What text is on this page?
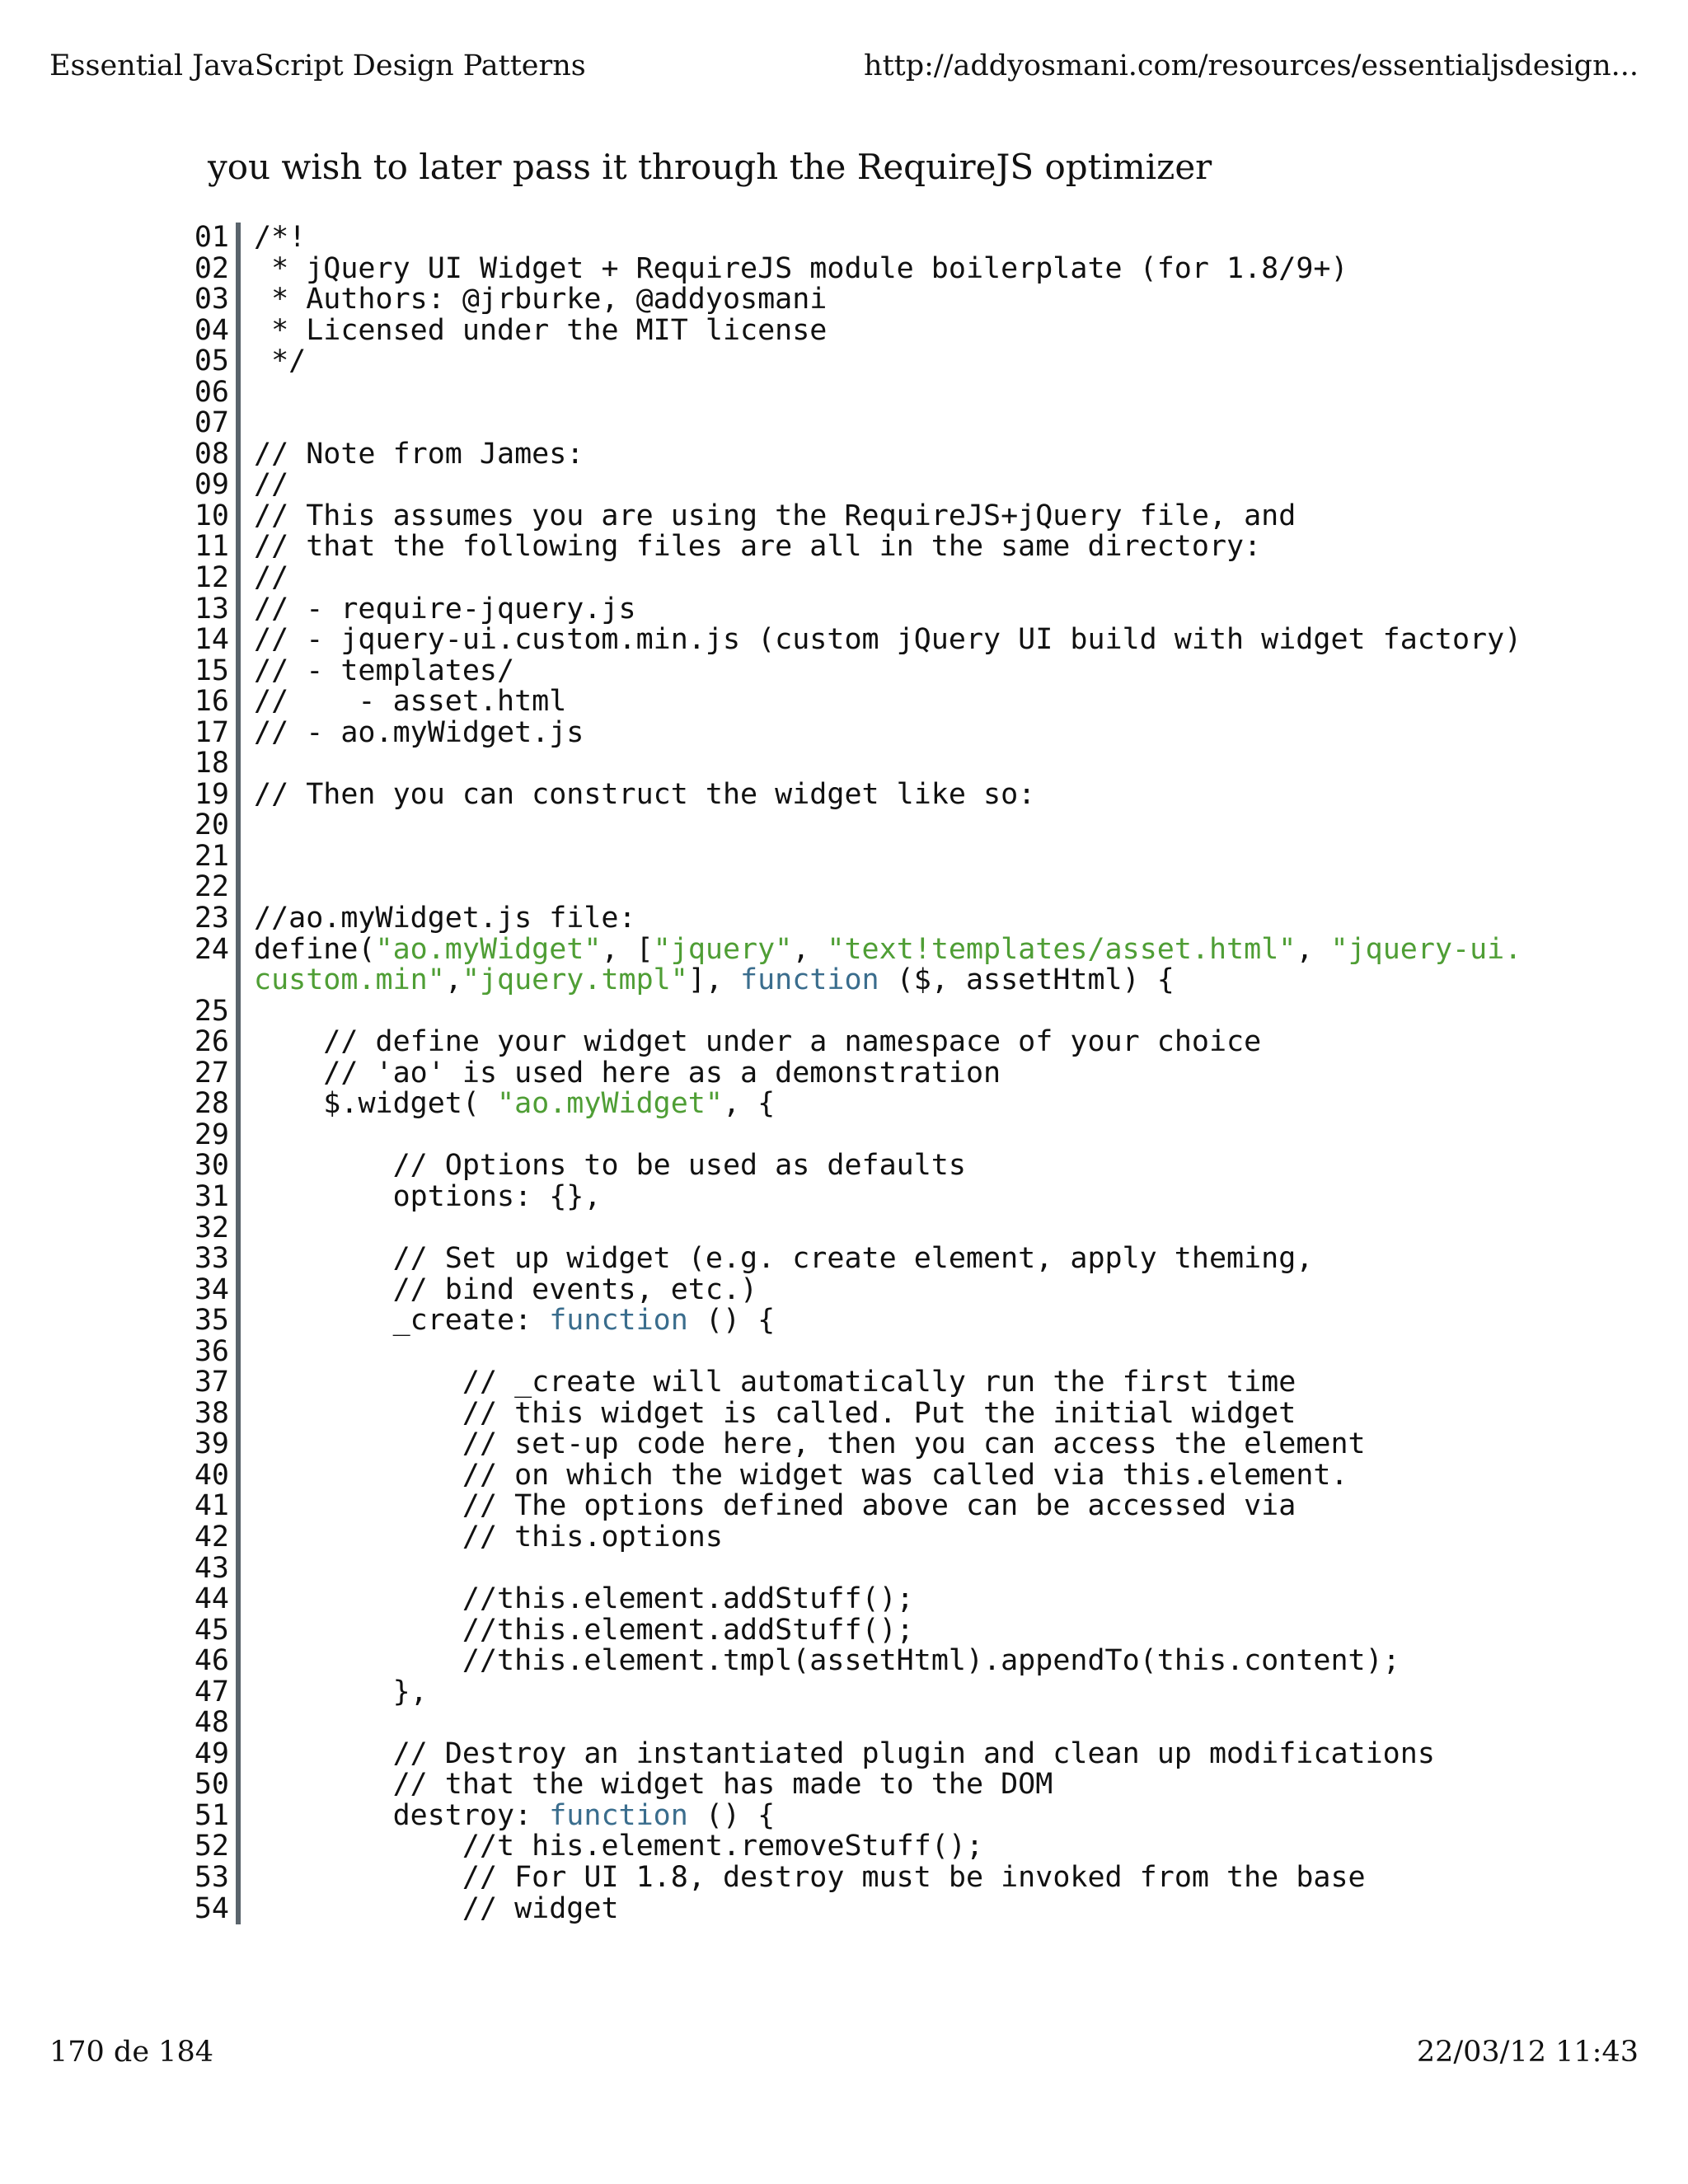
Essential JavaScript Design Patterns	http://addyosmani.com/resources/essentialjsdesign...
you wish to later pass it through the RequireJS optimizer
01 /*!
02 * jQuery UI Widget + RequireJS module boilerplate (for 1.8/9+)
03 * Authors: @jrburke, @addyosmani
04 * Licensed under the MIT license
05 */
06
07
08 // Note from James:
09 //
10 // This assumes you are using the RequireJS+jQuery file, and
11 // that the following files are all in the same directory:
12 //
13 // - require-jquery.js
14 // - jquery-ui.custom.min.js (custom jQuery UI build with widget factory)
15 // - templates/
16 //    - asset.html
17 // - ao.myWidget.js
18
19 // Then you can construct the widget like so:
20
21
22
23 //ao.myWidget.js file:
24 define("ao.myWidget", ["jquery", "text!templates/asset.html", "jquery-ui.custom.min","jquery.tmpl"], function ($, assetHtml) {
25
26 // define your widget under a namespace of your choice
27 // 'ao' is used here as a demonstration
28 $.widget( "ao.myWidget", {
29
30 // Options to be used as defaults
31 options: {},
32
33 // Set up widget (e.g. create element, apply theming,
34 // bind events, etc.)
35 _create: function () {
36
37 // _create will automatically run the first time
38 // this widget is called. Put the initial widget
39 // set-up code here, then you can access the element
40 // on which the widget was called via this.element.
41 // The options defined above can be accessed via
42 // this.options
43
44 //this.element.addStuff();
45 //this.element.addStuff();
46 //this.element.tmpl(assetHtml).appendTo(this.content);
47 },
48
49 // Destroy an instantiated plugin and clean up modifications
50 // that the widget has made to the DOM
51 destroy: function () {
52 //t his.element.removeStuff();
53 // For UI 1.8, destroy must be invoked from the base
54 // widget
170 de 184	22/03/12 11:43
